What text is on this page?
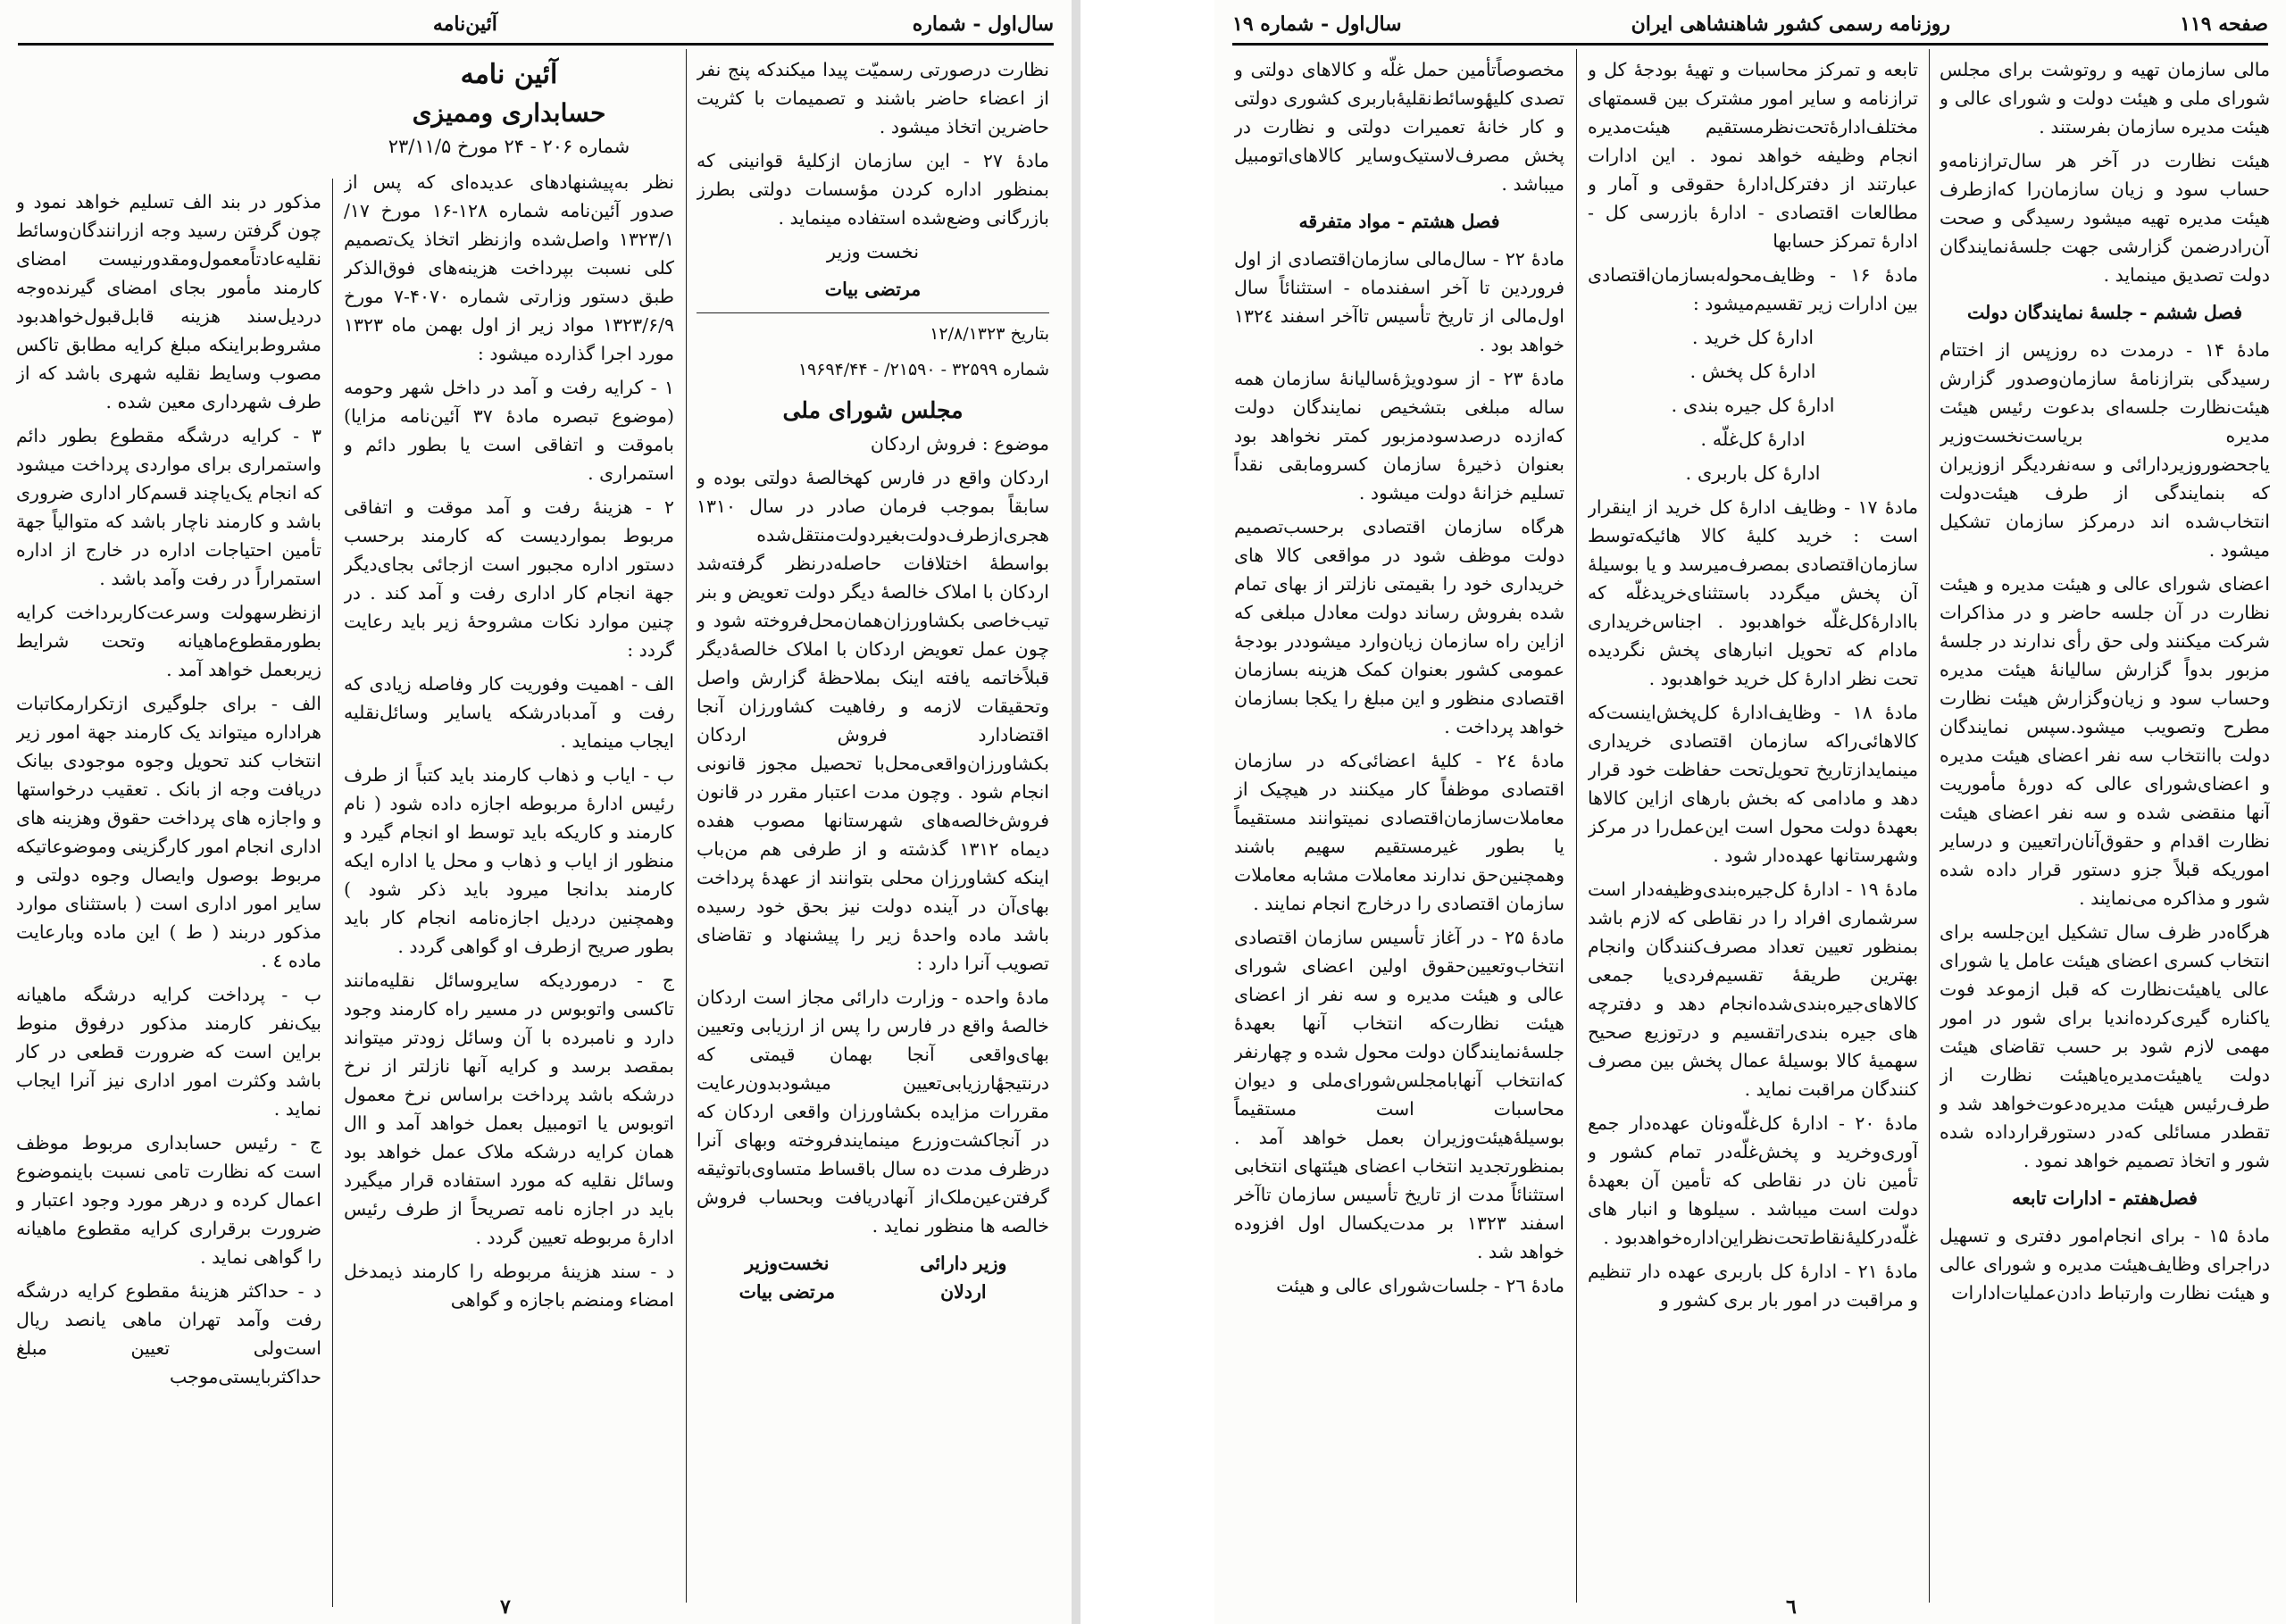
سال‌اول - شماره
آئین‌نامه

نظارت درصورتی رسمیّت پیدا میکندکه پنج نفر از اعضاء حاضر باشند و تصمیمات با کثریت حاضرین اتخاذ میشود .

مادهٔ ۲۷ - این سازمان ازکلیهٔ قوانینی که بمنظور اداره کردن مؤسسات دولتی بطرز بازرگانی وضع‌شده استفاده مینماید .

نخست وزیر
مرتضی بیات
بتاریخ ۱۲/۸/۱۳۲۳
شماره ۳۲۵۹۹ - ۲۱۵۹۰/ - ۱۹۶۹۴/۴۴
مجلس شورای ملی

موضوع : فروش اردکان

اردکان واقع در فارس کهخالصهٔ دولتی بوده و سابقاً بموجب فرمان صادر در سال ۱۳۱۰ هجری‌ازطرف‌دولت‌بغیردولت‌منتقل‌شده بواسطهٔ اختلافات حاصله‌درنظر گرفته‌شد اردکان با املاک خالصهٔ دیگر دولت تعویض و بنر تیب‌خاصی بکشاورزان‌همان‌محل‌فروخته شود و چون عمل تعویض اردکان با املاک خالصهٔ‌دیگر قبلاً‌خاتمه یافته اینک بملاحظهٔ گزارش واصل وتحقیقات لازمه و رفاهیت کشاورزان آنجا اقتضادارد فروش اردکان بکشاورزان‌واقعی‌محل‌با تحصیل مجوز قانونی انجام شود . وچون مدت اعتبار مقرر در قانون فروش‌خالصه‌های شهرستانها مصوب هفده دیماه ۱۳۱۲ گذشته و از طرفی هم من‌باب اینکه کشاورزان محلی بتوانند از عهدهٔ پرداخت بهای‌آن در آینده دولت نیز بحق خود رسیده باشد ماده واحدهٔ زیر را پیشنهاد و تقاضای تصویب آنرا دارد :

مادهٔ واحده - وزارت دارائی مجاز است اردکان خالصهٔ واقع در فارس را پس از ارزیابی وتعیین بهای‌واقعی آنجا بهمان قیمتی که درنتیجهٔارزیابی‌تعیین میشودبدون‌رعایت مقررات مزایده بکشاورزان واقعی اردکان که در آنجا‌کشت‌وزرع مینمایندفروخته وبهای آنرا درظرف مدت ده سال باقساط متساوی‌باتوثیقه گرفتن‌عین‌ملک‌از آنهادریافت وبحساب فروش خالصه ها منظور نماید .

وزیر دارائی
اردلان
نخست‌وزیر
مرتضی بیات
آئین نامه
حسابداری وممیزی
شماره ۲۰۶ - ۲۴ مورخ ۲۳/۱۱/۵

نظر به‌پیشنهادهای عدیده‌ای که پس از صدور آئین‌نامه شماره ۱۲۸-۱۶ مورخ ۱۷/ ۱۳۲۳/۱ واصل‌شده وازنظر اتخاذ یک‌تصمیم کلی نسبت بپرداخت هزینه‌های فوق‌الذکر طبق دستور وزارتی شماره ۴۰۷۰-۷ مورخ ۱۳۲۳/۶/۹ مواد زیر از اول بهمن ماه ۱۳۲۳ مورد اجرا گذارده میشود :

۱ - کرایه رفت و آمد در داخل شهر وحومه (موضوع تبصره مادهٔ ۳۷ آئین‌نامه مزایا) باموقت و اتفاقی است یا بطور دائم و استمراری .

۲ - هزینهٔ رفت و آمد موقت و اتفاقی مربوط بمواردیست که کارمند برحسب دستور اداره مجبور است از‌جائی بجای‌دیگر جهة انجام کار اداری رفت و آمد کند . در چنین موارد نکات مشروحهٔ زیر باید رعایت گردد :

الف - اهمیت وفوریت کار وفاصله زیادی که رفت و آمدبادرشکه یاسایر وسائل‌نقلیه ایجاب مینماید .

ب - ایاب و ذهاب کارمند باید کتباً از طرف رئیس ادارهٔ مربوطه اجازه داده شود ( نام کارمند و کاریکه باید توسط او انجام گیرد و منظور از ایاب و ذهاب و محل یا اداره ایکه کارمند بدانجا میرود باید ذکر شود ) وهمچنین دردیل اجازه‌نامه انجام کار باید بطور صریح ازطرف او گواهی گردد .

ج - درموردیکه سایروسائل نقلیه‌مانند تاکسی واتوبوس در مسیر راه کارمند وجود دارد و نامبرده با آن وسائل زودتر میتواند بمقصد برسد و کرایه آنها نازلتر از نرخ درشکه باشد پرداخت براساس نرخ معمول اتوبوس یا اتومبیل بعمل خواهد آمد و اال همان کرایه درشکه ملاک عمل خواهد بود وسائل نقلیه که مورد استفاده قرار میگیرد باید در اجازه نامه تصریحاً از طرف رئیس ادارهٔ مربوطه تعیین گردد .

د - سند هزینهٔ مربوطه را کارمند ذیمدخل امضاء ومنضم باجازه و گواهی

مذکور در بند الف تسلیم خواهد نمود و چون گرفتن رسید وجه ازرانندگان‌وسائط نقلیه‌عادتاً‌معمول‌ومقدورنیست امضای کارمند مأمور بجای امضای گیرنده‌وجه دردیل‌سند هزینه قابل‌قبول‌خواهدبود مشروط‌براینکه مبلغ کرایه مطابق تاکس مصوب وسایط نقلیه شهری باشد که از طرف شهرداری معین شده .

۳ - کرایه درشگه مقطوع بطور دائم واستمراری برای مواردی پرداخت میشود که انجام یک‌یاچند قسم‌کار اداری ضروری باشد و کارمند ناچار باشد که متوالیاً جهة تأمین احتیاجات اداره در خارج از اداره استمراراً در رفت وآمد باشد .

ازنظرسهولت وسرعت‌کاربرداخت کرایه بطورمقطوع‌ماهیانه وتحت شرایط زیربعمل خواهد آمد .

الف - برای جلوگیری ازتکرارمکاتبات هراداره میتواند یک کارمند جهة امور زیر انتخاب کند تحویل وجوه موجودی بیانک دریافت وجه از بانک . تعقیب درخواستها و واجازه های پرداخت حقوق وهزینه های اداری انجام امور کارگزینی وموضوعاتیکه مربوط بوصول وایصال وجوه دولتی و سایر امور اداری است ( باستثنای موارد مذکور دربند ( ط ) این ماده وبارعایت ماده ٤ .

ب - پرداخت کرایه درشگه ماهیانه بیک‌نفر کارمند مذکور درفوق منوط براین است که ضرورت قطعی در کار باشد وکثرت امور اداری نیز آنرا ایجاب نماید .

ج - رئیس حسابداری مربوط موظف است که نظارت تامی نسبت باینموضوع اعمال کرده و درهر مورد وجود اعتبار و ضرورت برقراری کرایه مقطوع ماهیانه را گواهی نماید .

د - حداکثر هزینهٔ مقطوع کرایه درشگه رفت وآمد تهران ماهی یانصد ریال است‌ولی تعیین مبلغ حداکثربایستی‌موجب

۷
صفحه ۱۱۹
روزنامه رسمی کشور شاهنشاهی ایران
سال‌اول - شماره ۱۹

مالی سازمان تهیه و روتوشت برای مجلس شورای ملی و هیئت دولت و شورای عالی و هیئت مدیره سازمان بفرستند .

هیئت نظارت در آخر هر سال‌ترازنامه‌و حساب سود و زیان سازمان‌را که‌ازطرف هیئت مدیره تهیه میشود رسیدگی و صحت آن‌رادرضمن گزارشی جهت جلسهٔ‌نمایندگان دولت تصدیق مینماید .

فصل ششم - جلسهٔ نمایندگان دولت

مادهٔ ۱۴ - درمدت ده روزپس از اختتام رسیدگی بترازنامهٔ سازمان‌وصدور گزارش هیئت‌نظارت جلسه‌ای بدعوت رئیس هیئت مدیره بریاست‌نخست‌وزیر یاجحضوروزیردارائی و سه‌نفردیگر ازوزیران که بنمایندگی از طرف هیئت‌دولت انتخاب‌شده اند درمرکز سازمان تشکیل میشود .

اعضای شورای عالی و هیئت مدیره و هیئت نظارت در آن جلسه حاضر و در مذاکرات شرکت میکنند ولی حق رأی ندارند در جلسهٔ مزبور بدواً گزارش سالیانهٔ هیئت مدیره وحساب سود و زیان‌وگزارش هیئت نظارت مطرح وتصویب میشود.سپس نمایندگان دولت باانتخاب سه نفر اعضای هیئت مدیره و اعضای‌شورای عالی که دورهٔ مأموریت آنها منقضی شده و سه نفر اعضای هیئت نظارت اقدام و حقوق‌آنان‌راتعیین و درسایر اموریکه قبلاً جزو دستور قرار داده شده شور و مذاکره می‌نمایند .

هرگاه‌در ظرف سال تشکیل این‌جلسه برای انتخاب کسری اعضای هیئت عامل یا شورای عالی یاهیئت‌نظارت که‌ قبل ازموعد فوت یاکناره گیری‌کرده‌اندیا برای شور در امور مهمی لازم شود بر حسب تقاضای هیئت دولت یاهیئت‌مدیره‌یا‌هیئت نظارت از طرف‌رئیس هیئت مدیره‌دعوت‌خواهد شد و تقطدر مسائلی که‌در دستورقرارداده شده شور و اتخاذ تصمیم خواهد نمود .

فصل‌هفتم - ادارات تابعه

مادهٔ ۱۵ - برای انجام‌امور دفتری و تسهیل دراجرای وظایف‌هیئت مدیره و شورای عالی و هیئت نظارت وارتباط دادن‌عملیات‌ادارات

تابعه و تمرکز محاسبات و تهیهٔ بودجهٔ کل و ترازنامه و سایر امور مشترک بین قسمتهای مختلف‌ادارهٔ‌تحت‌نظرمستقیم هیئت‌مدیره انجام وظیفه خواهد نمود . این ادارات عبارتند از دفتر‌کل‌ادارهٔ حقوقی و آمار و مطالعات اقتصادی - ادارهٔ بازرسی کل - ادارهٔ تمرکز حسابها

مادهٔ ۱۶ - وظایف‌محوله‌بسازمان‌اقتصادی بین ادارات زیر تقسیم‌میشود :

ادارهٔ کل خرید .

ادارهٔ کل پخش .

ادارهٔ کل جیره بندی .

ادارهٔ کل‌غلّه .

ادارهٔ کل باربری .

مادهٔ ۱۷ - وظایف ادارهٔ کل خرید از اینقرار است : خرید کلیهٔ کالا هائیکه‌توسط سازمان‌اقتصادی بمصرف‌میرسد و یا بوسیلهٔ آن پخش میگردد باستثنای‌خریدغلّه که باادارهٔ‌کل‌غلّه خواهدبود . اجناس‌خریداری مادام که تحویل انبارهای پخش نگردیده تحت نظر ادارهٔ کل خرید خواهدبود .

مادهٔ ۱۸ - وظایف‌ادارهٔ کل‌پخش‌اینست‌که کالاهائی‌راکه سازمان اقتصادی خریداری مینمایدازتاریخ تحویل‌تحت حفاظت خود قرار دهد و مادامی که بخش بارهای ازاین کالاها بعهدهٔ دولت محول است این‌عمل‌را در مرکز وشهرستانها عهده‌دار شود .

مادهٔ ۱۹ - ادارهٔ کل‌جیره‌بندی‌وظیفه‌دار است سرشماری افراد را در نقاطی که لازم باشد بمنظور تعیین تعداد مصرف‌کنندگان وانجام بهترین طریقهٔ تقسیم‌فردی‌یا جمعی کالاهای‌جیره‌بندی‌شده‌انجام دهد و دفترچه های جیره بندی‌راتقسیم و درتوزیع صحیح سهمیهٔ کالا بوسیلهٔ عمال پخش بین مصرف کنندگان مراقبت نماید .

مادهٔ ۲۰ - ادارهٔ کل‌غلّه‌ونان عهده‌دار جمع آوری‌وخرید و پخش‌غلّه‌در تمام کشور و تأمین نان در نقاطی که تأمین آن بعهدهٔ دولت است میباشد . سیلوها و انبار های غلّه‌درکلیهٔ‌نقاط‌تحت‌نظراین‌اداره‌خواهدبود .

مادهٔ ۲۱ - ادارهٔ کل باربری عهده دار تنظیم و مراقبت در امور بار بری کشور و

مخصوصاً‌تأمین حمل غلّه و کالاهای دولتی و تصدی کلیهٔوسائط‌نقلیهٔ‌باربری کشوری دولتی و کار خانهٔ تعمیرات دولتی و نظارت در پخش مصرف‌لاستیک‌وسایر کالاهای‌اتومبیل میباشد .

فصل هشتم - مواد متفرقه

مادهٔ ۲۲ - سال‌مالی سازمان‌اقتصادی از اول فروردین تا آخر اسفندماه - استثنائاً سال اول‌مالی از تاریخ تأسیس تاآخر اسفند ۱۳۲٤ خواهد بود .

مادهٔ ۲۳ - از سودویژهٔ‌سالیانهٔ سازمان همه ساله مبلغی بتشخیص نمایندگان دولت که‌ازده درصدسودمزبور کمتر نخواهد بود بعنوان ذخیرهٔ سازمان کسرو‌مابقی نقداً تسلیم خزانهٔ دولت میشود .

هرگاه سازمان اقتصادی برحسب‌تصمیم دولت موظف شود در مواقعی کالا های خریداری خود را بقیمتی نازلتر از بهای تمام شده بفروش رساند دولت معادل مبلغی که ازاین راه سازمان زیان‌وارد میشوددر بودجهٔ عمومی کشور بعنوان کمک هزینه بسازمان اقتصادی منظور و این مبلغ را یکجا بسازمان خواهد پرداخت .

مادهٔ ۲٤ - کلیهٔ اعضائی‌که در سازمان اقتصادی موظفاً کار میکنند در هیچیک از معاملات‌سازمان‌اقتصادی نمیتوانند مستقیماً یا بطور غیرمستقیم سهیم باشند و‌همچنین‌حق ندارند معاملات مشابه معاملات سازمان اقتصادی را درخارج انجام نمایند .

مادهٔ ۲۵ - در آغاز تأسیس سازمان اقتصادی انتخاب‌وتعیین‌حقوق اولین اعضای شورای عالی و هیئت مدیره و سه نفر از اعضای هیئت نظارت‌که انتخاب آنها بعهدهٔ جلسهٔ‌نمایندگان دولت محول شده و چهارنفر که‌انتخاب آنهابا‌مجلس‌شورای‌ملی و دیوان محاسبات است مستقیماً بوسیلهٔ‌هیئت‌وزیران بعمل خواهد آمد . بمنظور‌تجدید انتخاب اعضای هیئتهای انتخابی استثنائاً مدت از تاریخ تأسیس سازمان تاآخر اسفند ۱۳۲۳ بر مدت‌یکسال اول افزوده خواهد شد .

مادهٔ ۲٦ - جلسات‌شورای عالی و هیئت

٦
